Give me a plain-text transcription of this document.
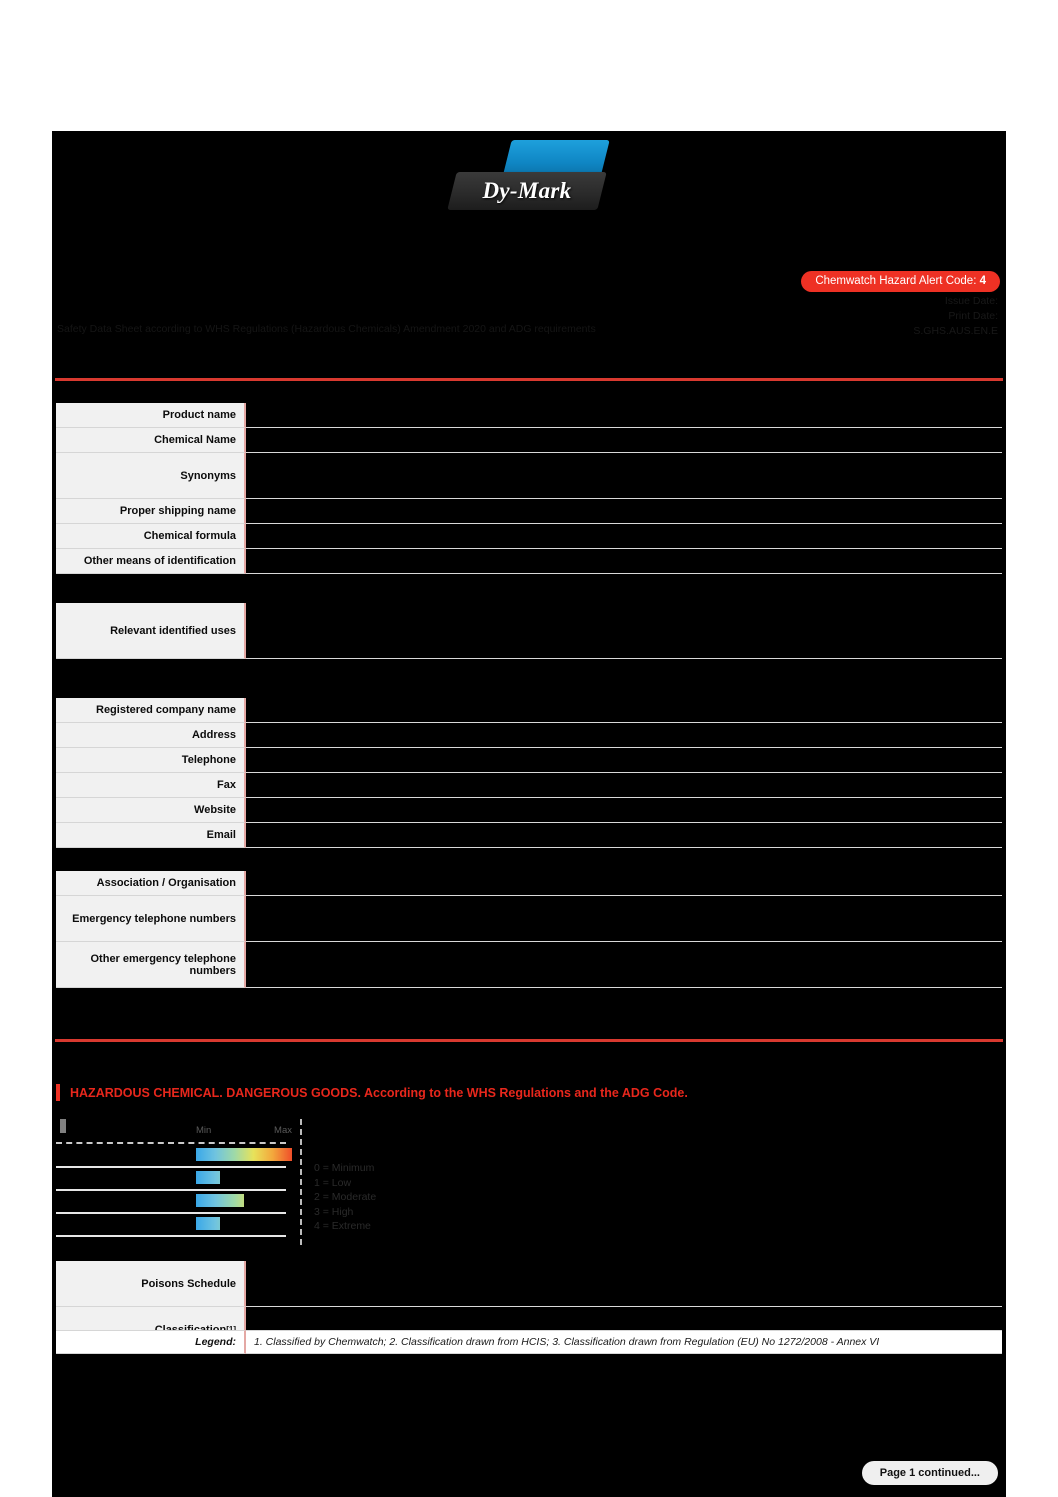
Dy-Mark
Chemwatch Hazard Alert Code: 4
Issue Date:
Print Date:
S.GHS.AUS.EN.E
Safety Data Sheet according to WHS Regulations (Hazardous Chemicals) Amendment 2020 and ADG requirements
Product name
Chemical Name
Synonyms
Proper shipping name
Chemical formula
Other means of identification
Relevant identified uses
Registered company name
Address
Telephone
Fax
Website
Email
Association / Organisation
Emergency telephone numbers
Other emergency telephone numbers
HAZARDOUS CHEMICAL. DANGEROUS GOODS. According to the WHS Regulations and the ADG Code.
Min	Max
0 = Minimum
1 = Low
2 = Moderate
3 = High
4 = Extreme
Poisons Schedule
Legend:	1. Classified by Chemwatch; 2. Classification drawn from HCIS; 3. Classification drawn from Regulation (EU) No 1272/2008 - Annex VI
Page 1 continued...
